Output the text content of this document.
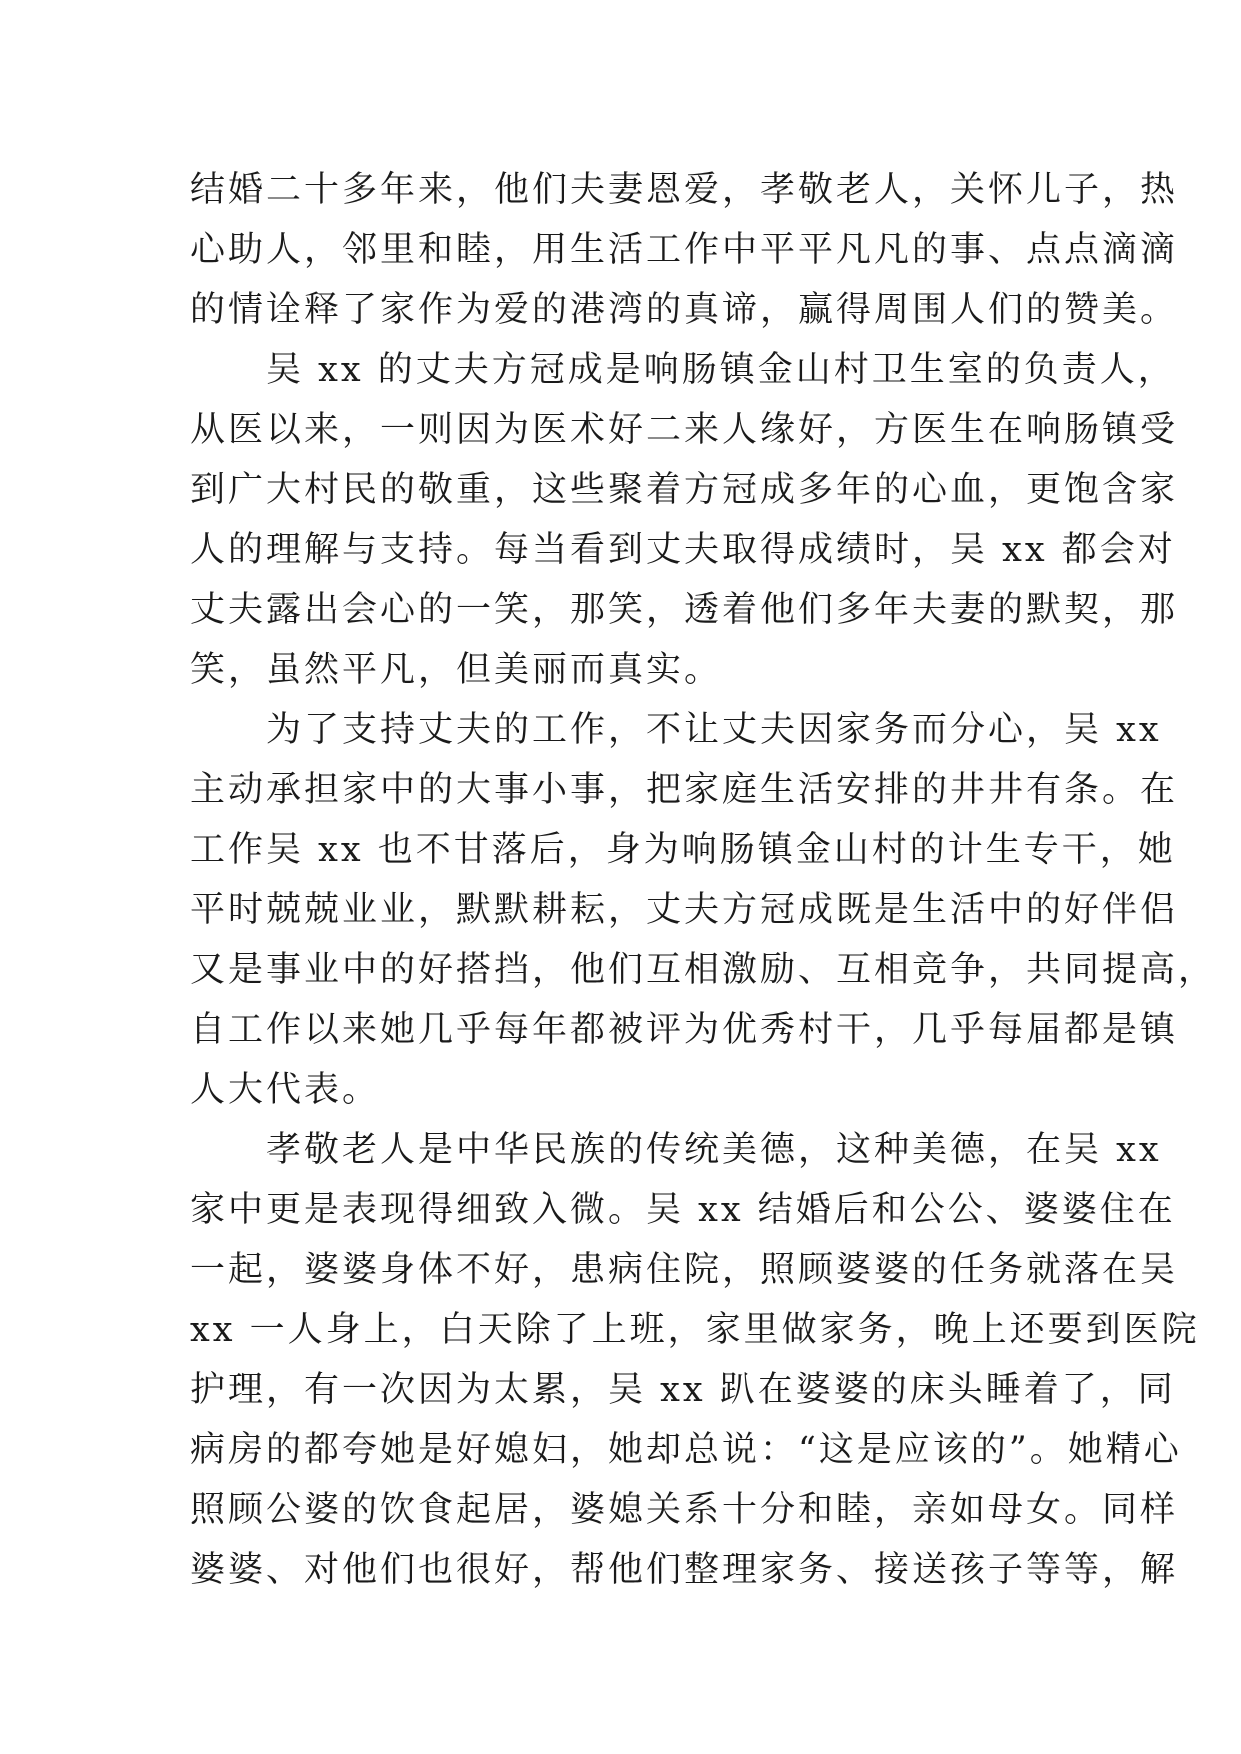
结婚二十多年来，他们夫妻恩爱，孝敬老人，关怀儿子，热
心助人，邻里和睦，用生活工作中平平凡凡的事、点点滴滴
的情诠释了家作为爱的港湾的真谛，赢得周围人们的赞美。
　　吴 xx 的丈夫方冠成是响肠镇金山村卫生室的负责人，
从医以来，一则因为医术好二来人缘好，方医生在响肠镇受
到广大村民的敬重，这些聚着方冠成多年的心血，更饱含家
人的理解与支持。每当看到丈夫取得成绩时，吴 xx 都会对
丈夫露出会心的一笑，那笑，透着他们多年夫妻的默契，那
笑，虽然平凡，但美丽而真实。
　　为了支持丈夫的工作，不让丈夫因家务而分心，吴 xx
主动承担家中的大事小事，把家庭生活安排的井井有条。在
工作吴 xx 也不甘落后，身为响肠镇金山村的计生专干，她
平时兢兢业业，默默耕耘，丈夫方冠成既是生活中的好伴侣
又是事业中的好搭挡，他们互相激励、互相竞争，共同提高，
自工作以来她几乎每年都被评为优秀村干，几乎每届都是镇
人大代表。
　　孝敬老人是中华民族的传统美德，这种美德，在吴 xx
家中更是表现得细致入微。吴 xx 结婚后和公公、婆婆住在
一起，婆婆身体不好，患病住院，照顾婆婆的任务就落在吴
xx 一人身上，白天除了上班，家里做家务，晚上还要到医院
护理，有一次因为太累，吴 xx 趴在婆婆的床头睡着了，同
病房的都夸她是好媳妇，她却总说：“这是应该的”。她精心
照顾公婆的饮食起居，婆媳关系十分和睦，亲如母女。同样
婆婆、对他们也很好，帮他们整理家务、接送孩子等等，解
